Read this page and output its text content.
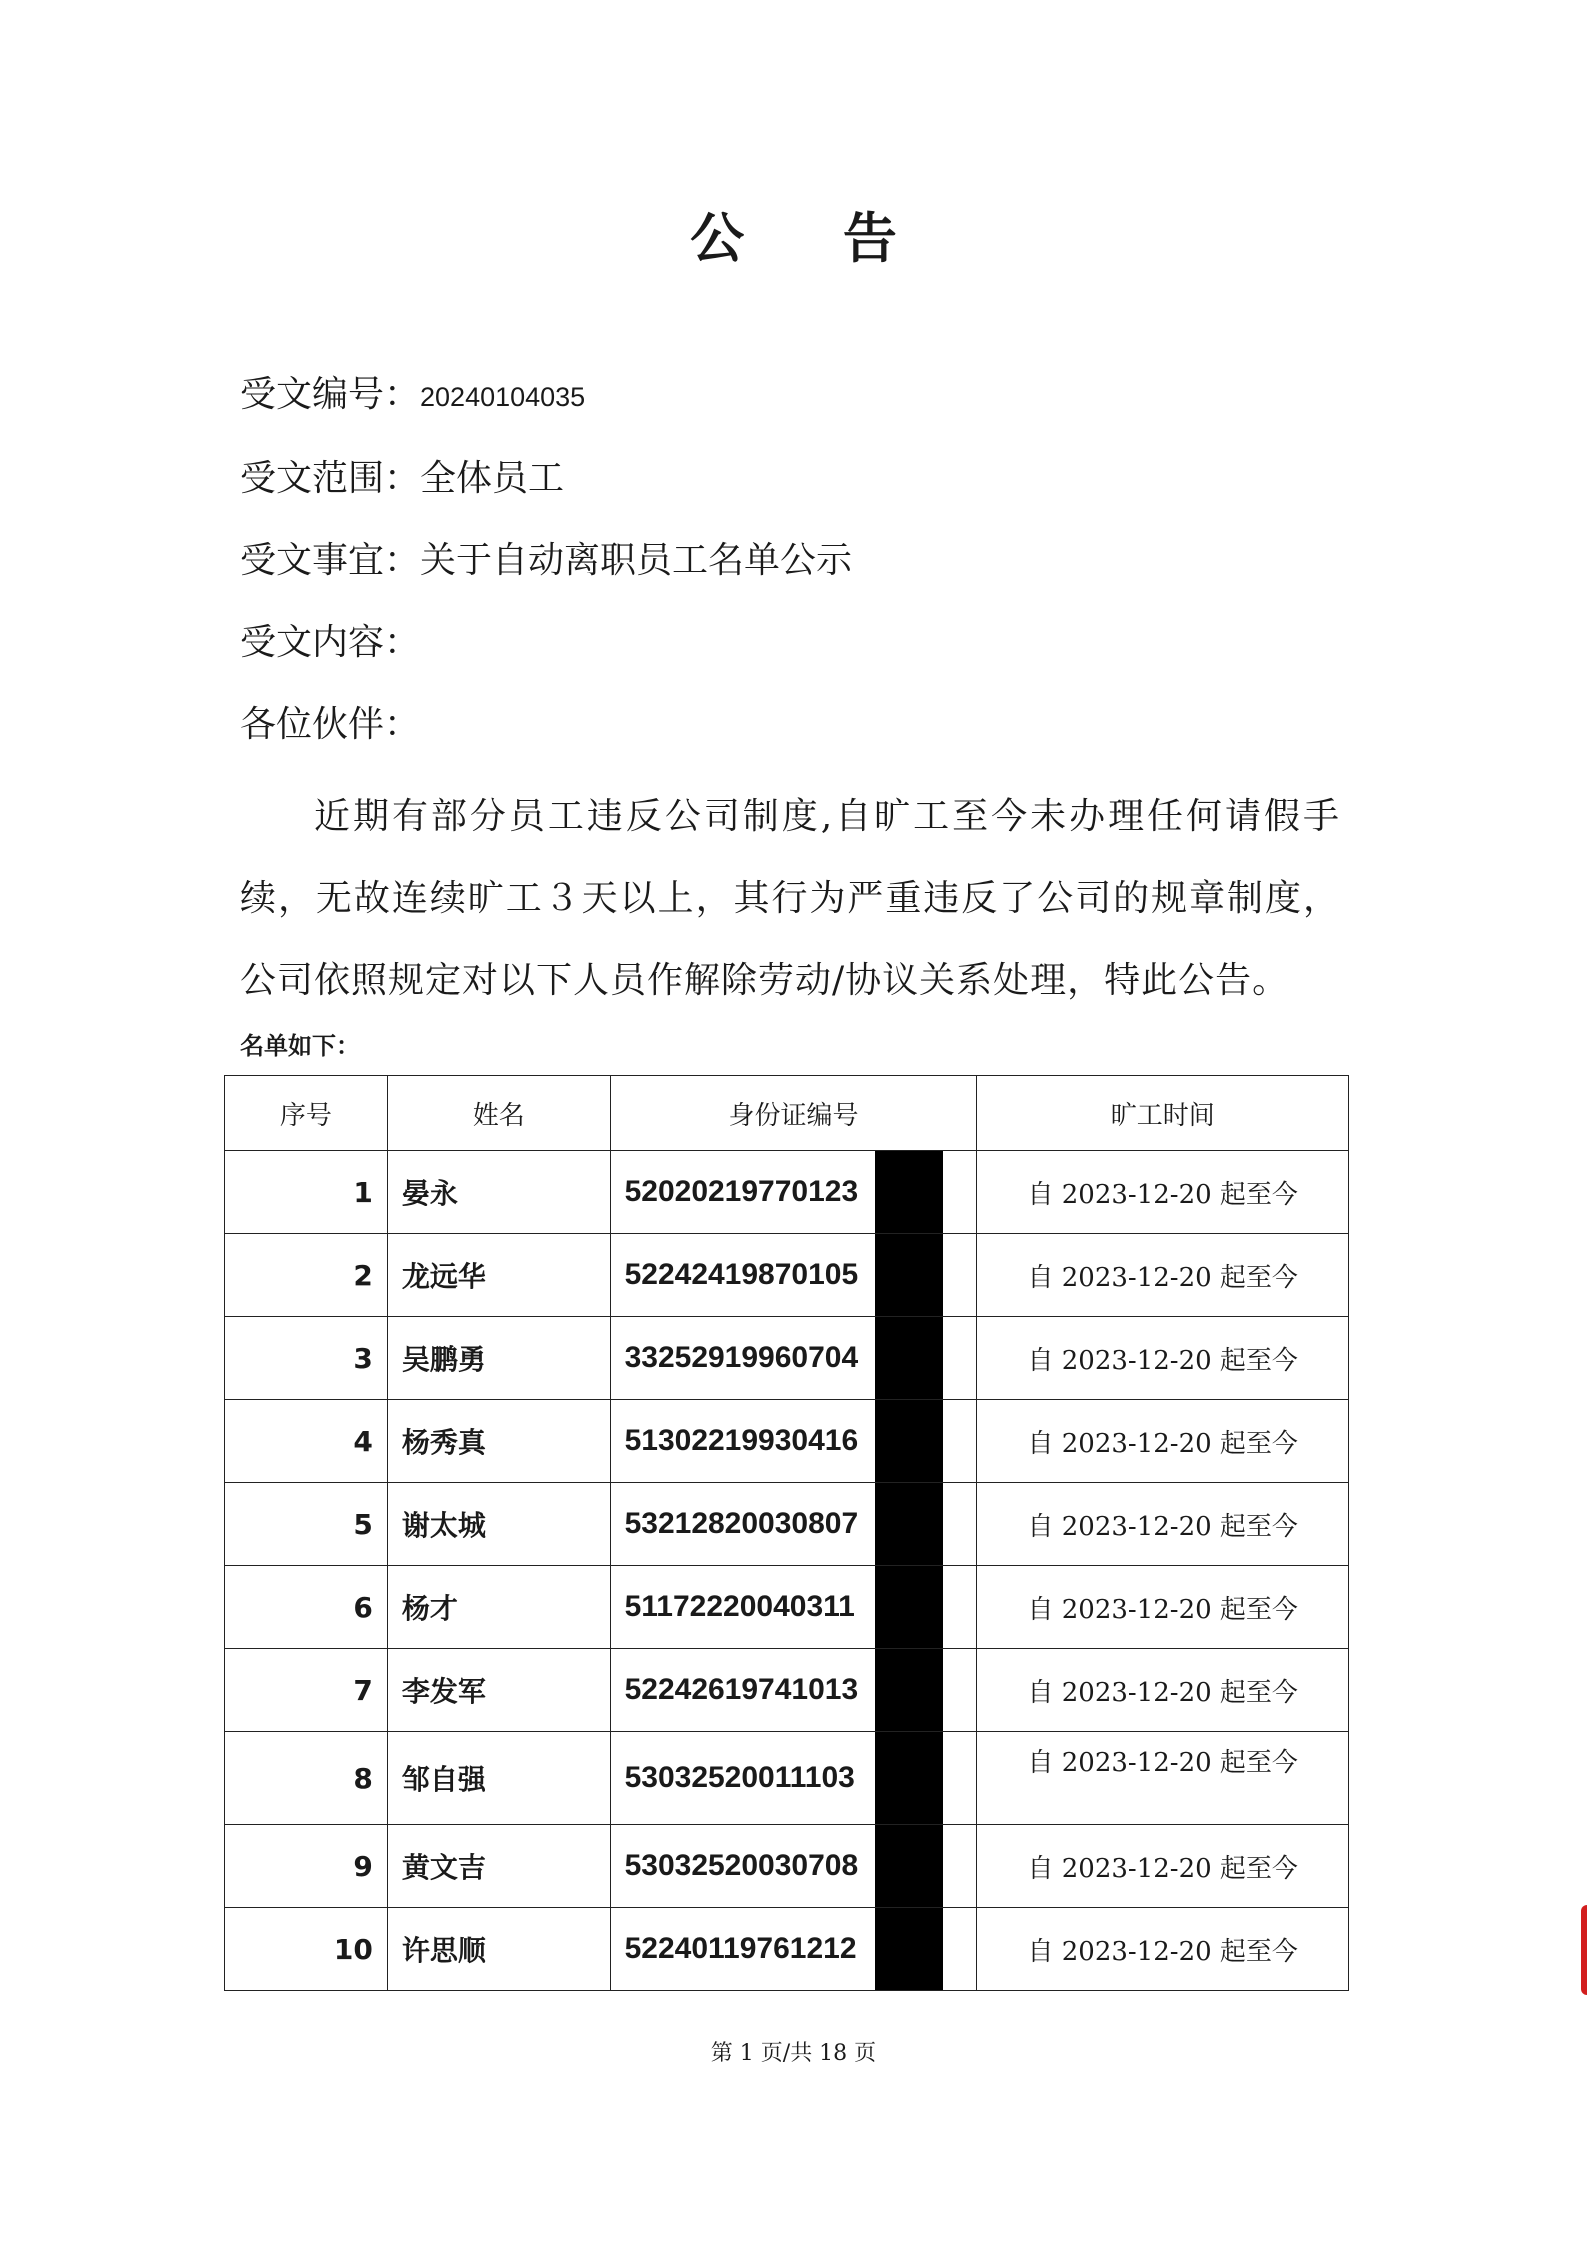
公 告
受文编号：20240104035
受文范围：全体员工
受文事宜：关于自动离职员工名单公示
受文内容：
各位伙伴：
近期有部分员工违反公司制度,自旷工至今未办理任何请假手续，无故连续旷工３天以上，其行为严重违反了公司的规章制度，公司依照规定对以下人员作解除劳动/协议关系处理，特此公告。
名单如下：
序号	姓名	身份证编号	旷工时间
1	晏永	52020219770123	自 2023-12-20 起至今
2	龙远华	52242419870105	自 2023-12-20 起至今
3	吴鹏勇	33252919960704	自 2023-12-20 起至今
4	杨秀真	51302219930416	自 2023-12-20 起至今
5	谢太城	53212820030807	自 2023-12-20 起至今
6	杨才	51172220040311	自 2023-12-20 起至今
7	李发军	52242619741013	自 2023-12-20 起至今
8	邹自强	53032520011103	自 2023-12-20 起至今
9	黄文吉	53032520030708	自 2023-12-20 起至今
10	许思顺	52240119761212	自 2023-12-20 起至今
第 1 页/共 18 页
